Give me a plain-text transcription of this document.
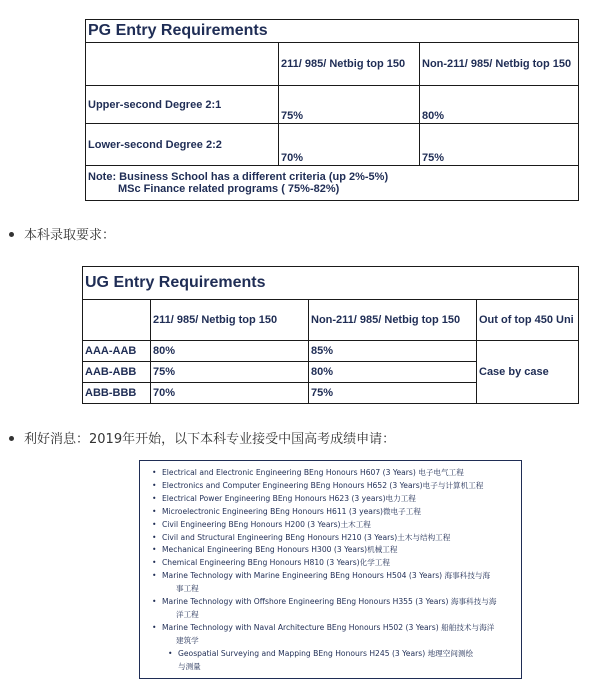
PG Entry Requirements		
	211/ 985/ Netbig top 150	Non-211/ 985/ Netbig top 150
Upper-second Degree 2:1	75%	80%
Lower-second Degree 2:2	70%	75%

Note: Business School has a different criteria (up 2%-5%)
MSc Finance related programs ( 75%-82%)		
本科录取要求：
UG Entry Requirements			
	211/ 985/ Netbig top 150	Non-211/ 985/ Netbig top 150	Out of top 450 Uni
AAA-AAB	80%	85%	Case by case
AAB-ABB	75%	80%	
ABB-BBB	70%	75%	
利好消息：2019年开始，以下本科专业接受中国高考成绩申请：
• Electrical and Electronic Engineering BEng Honours H607 (3 Years) 电子电气工程
• Electronics and Computer Engineering BEng Honours H652 (3 Years)电子与计算机工程
• Electrical Power Engineering BEng Honours H623 (3 years)电力工程
• Microelectronic Engineering BEng Honours H611 (3 years)微电子工程
• Civil Engineering BEng Honours H200 (3 Years)土木工程
• Civil and Structural Engineering BEng Honours H210 (3 Years)土木与结构工程
• Mechanical Engineering BEng Honours H300 (3 Years)机械工程
• Chemical Engineering BEng Honours H810 (3 Years)化学工程
• Marine Technology with Marine Engineering BEng Honours H504 (3 Years) 海事科技与海
事工程
• Marine Technology with Offshore Engineering BEng Honours H355 (3 Years) 海事科技与海
洋工程
• Marine Technology with Naval Architecture BEng Honours H502 (3 Years) 船舶技术与海洋
建筑学
• Geospatial Surveying and Mapping BEng Honours H245 (3 Years) 地理空间测绘
与测量
